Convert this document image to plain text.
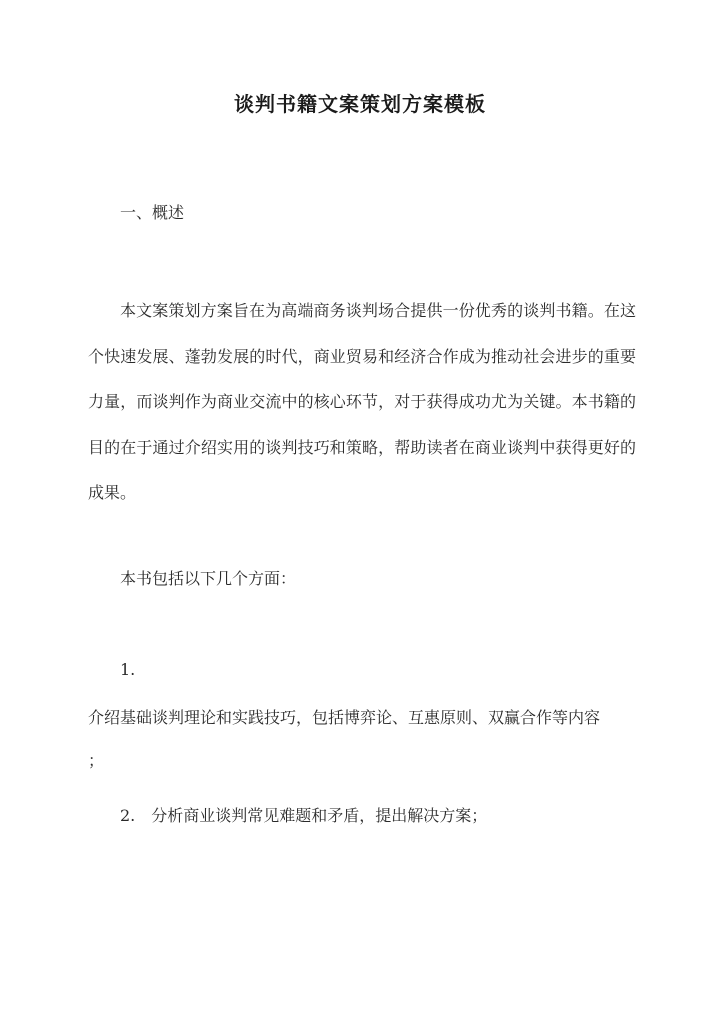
谈判书籍文案策划方案模板
一、概述
本文案策划方案旨在为高端商务谈判场合提供一份优秀的谈判书籍。在这个快速发展、蓬勃发展的时代，商业贸易和经济合作成为推动社会进步的重要力量，而谈判作为商业交流中的核心环节，对于获得成功尤为关键。本书籍的目的在于通过介绍实用的谈判技巧和策略，帮助读者在商业谈判中获得更好的成果。
本书包括以下几个方面：
1.
介绍基础谈判理论和实践技巧，包括博弈论、互惠原则、双赢合作等内容
；
2.　分析商业谈判常见难题和矛盾，提出解决方案；
